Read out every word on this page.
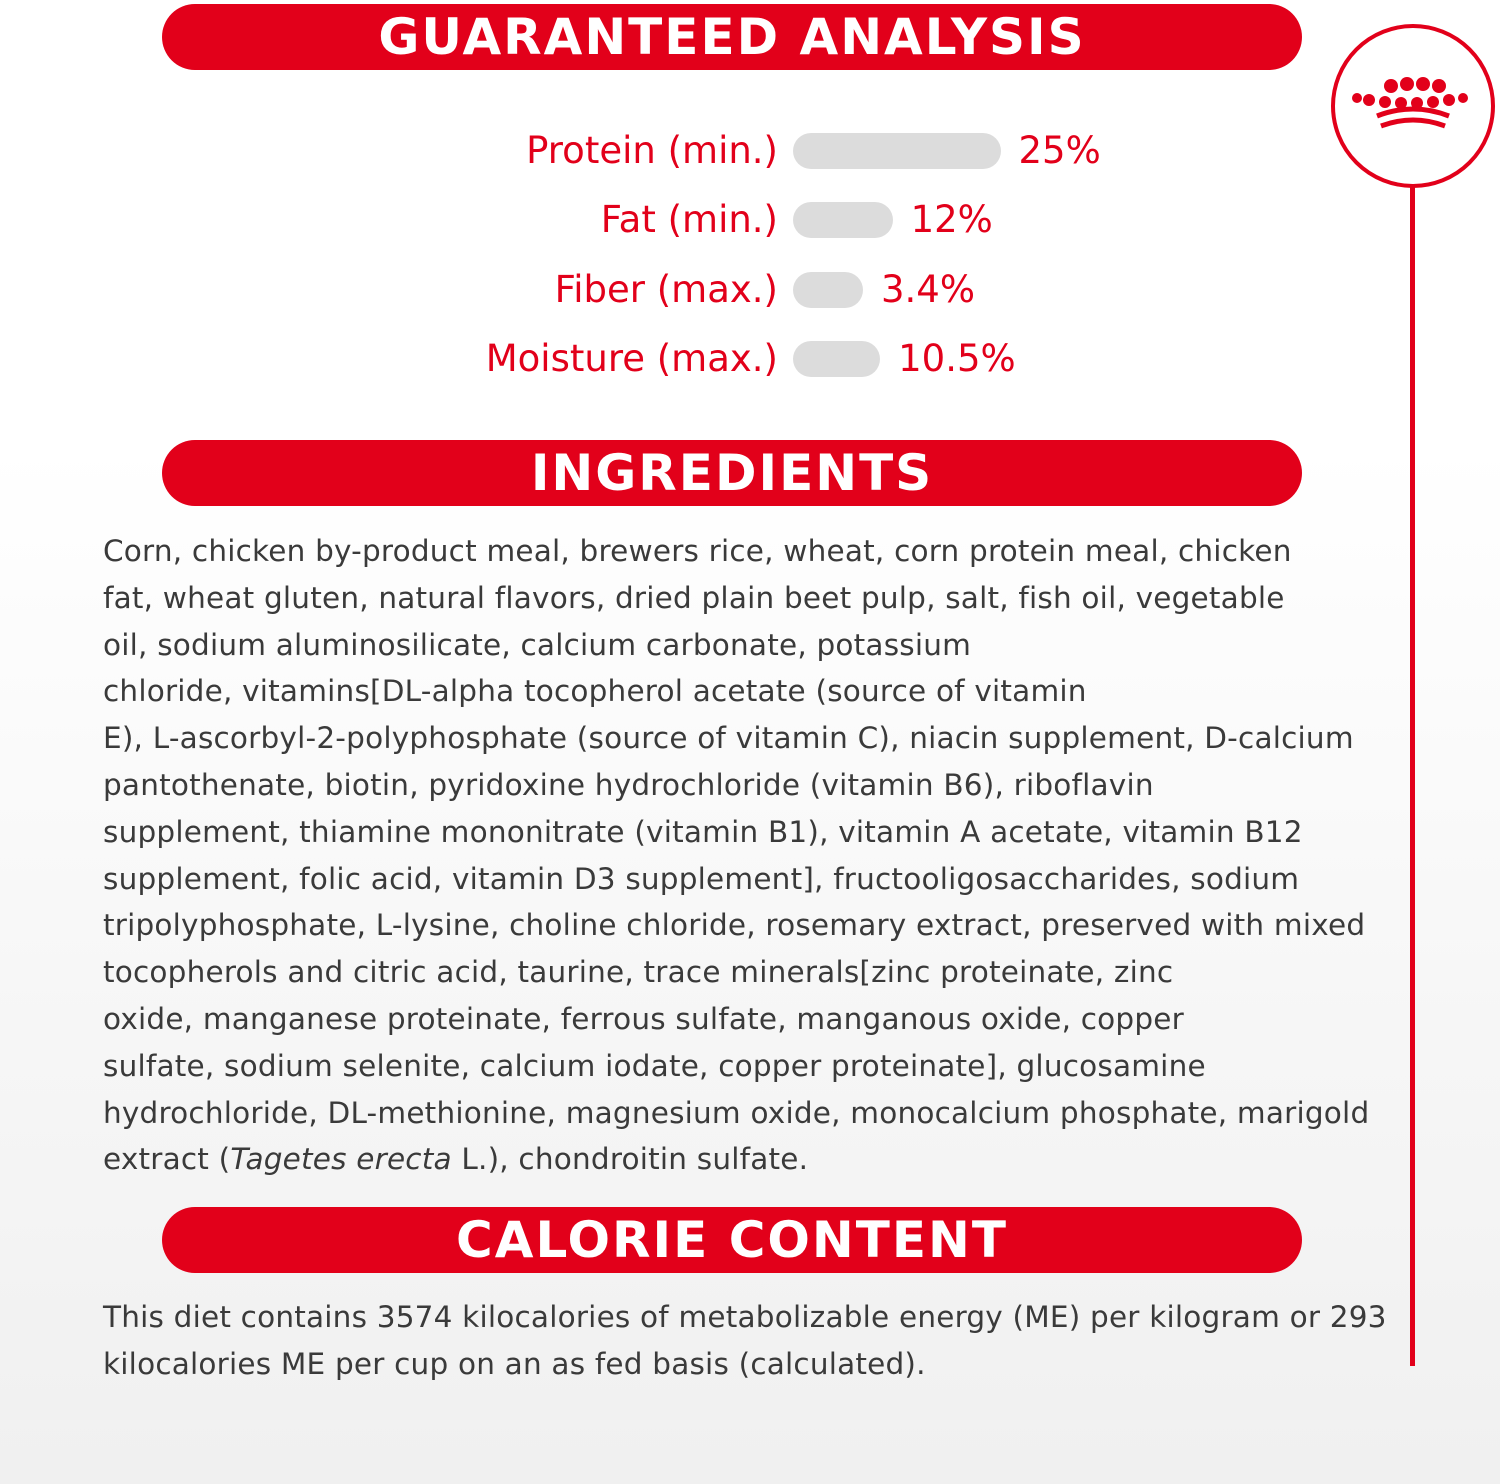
GUARANTEED ANALYSIS
Protein (min.)	25%
Fat (min.)	12%
Fiber (max.)	3.4%
Moisture (max.)	10.5%
INGREDIENTS
Corn, chicken by-product meal, brewers rice, wheat, corn protein meal, chicken
fat, wheat gluten, natural flavors, dried plain beet pulp, salt, fish oil, vegetable
oil, sodium aluminosilicate, calcium carbonate, potassium
chloride, vitamins[DL-alpha tocopherol acetate (source of vitamin
E), L-ascorbyl-2-polyphosphate (source of vitamin C), niacin supplement, D-calcium
pantothenate, biotin, pyridoxine hydrochloride (vitamin B6), riboflavin
supplement, thiamine mononitrate (vitamin B1), vitamin A acetate, vitamin B12
supplement, folic acid, vitamin D3 supplement], fructooligosaccharides, sodium
tripolyphosphate, L-lysine, choline chloride, rosemary extract, preserved with mixed
tocopherols and citric acid, taurine, trace minerals[zinc proteinate, zinc
oxide, manganese proteinate, ferrous sulfate, manganous oxide, copper
sulfate, sodium selenite, calcium iodate, copper proteinate], glucosamine
hydrochloride, DL-methionine, magnesium oxide, monocalcium phosphate, marigold
extract (Tagetes erecta L.), chondroitin sulfate.
CALORIE CONTENT
This diet contains 3574 kilocalories of metabolizable energy (ME) per kilogram or 293
kilocalories ME per cup on an as fed basis (calculated).
